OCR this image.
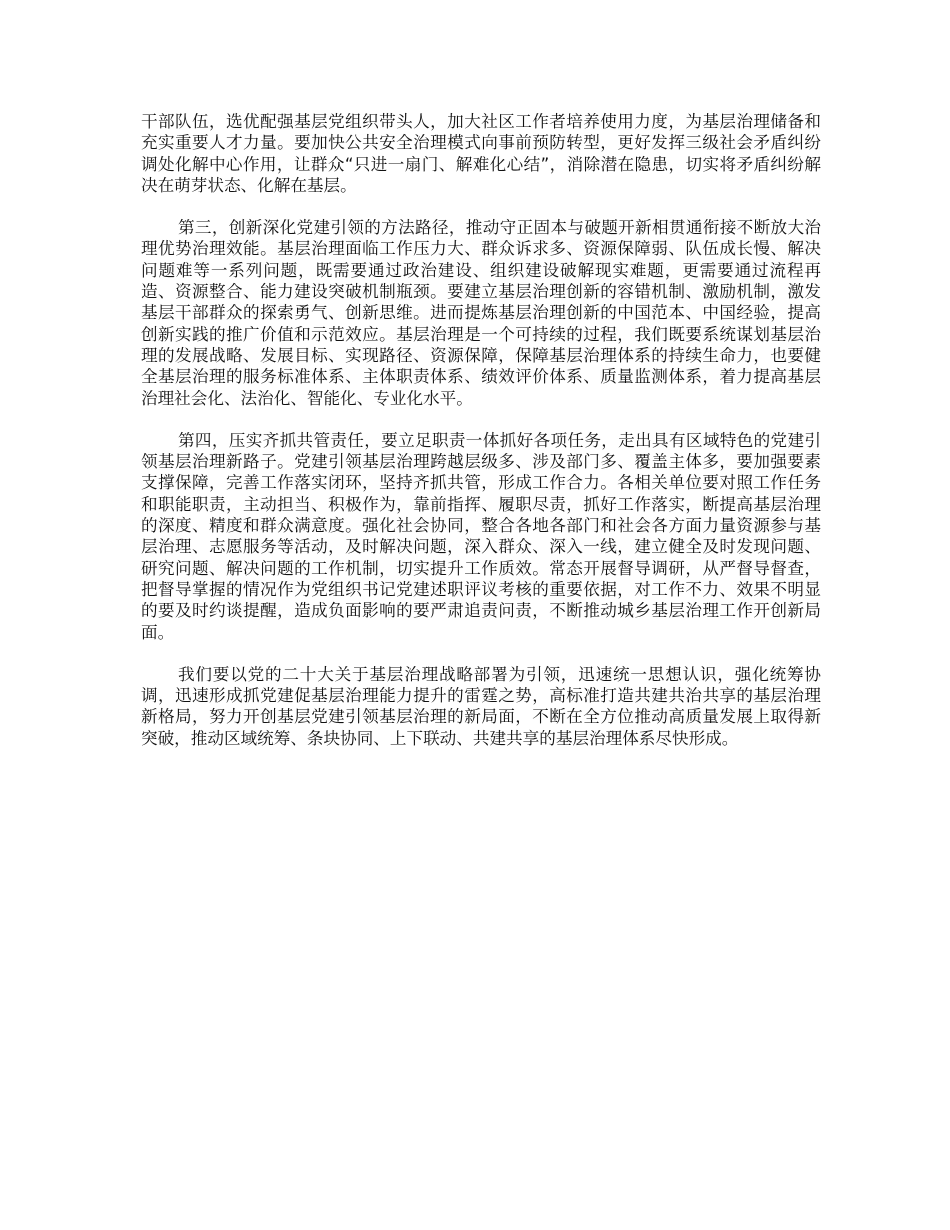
干部队伍，选优配强基层党组织带头人，加大社区工作者培养使用力度，为基层治理储备和充实重要人才力量。要加快公共安全治理模式向事前预防转型，更好发挥三级社会矛盾纠纷调处化解中心作用，让群众“只进一扇门、解难化心结”，消除潜在隐患，切实将矛盾纠纷解决在萌芽状态、化解在基层。

第三，创新深化党建引领的方法路径，推动守正固本与破题开新相贯通衔接不断放大治理优势治理效能。基层治理面临工作压力大、群众诉求多、资源保障弱、队伍成长慢、解决问题难等一系列问题，既需要通过政治建设、组织建设破解现实难题，更需要通过流程再造、资源整合、能力建设突破机制瓶颈。要建立基层治理创新的容错机制、激励机制，激发基层干部群众的探索勇气、创新思维。进而提炼基层治理创新的中国范本、中国经验，提高创新实践的推广价值和示范效应。基层治理是一个可持续的过程，我们既要系统谋划基层治理的发展战略、发展目标、实现路径、资源保障，保障基层治理体系的持续生命力，也要健全基层治理的服务标准体系、主体职责体系、绩效评价体系、质量监测体系，着力提高基层治理社会化、法治化、智能化、专业化水平。

第四，压实齐抓共管责任，要立足职责一体抓好各项任务，走出具有区域特色的党建引领基层治理新路子。党建引领基层治理跨越层级多、涉及部门多、覆盖主体多，要加强要素支撑保障，完善工作落实闭环，坚持齐抓共管，形成工作合力。各相关单位要对照工作任务和职能职责，主动担当、积极作为，靠前指挥、履职尽责，抓好工作落实，断提高基层治理的深度、精度和群众满意度。强化社会协同，整合各地各部门和社会各方面力量资源参与基层治理、志愿服务等活动，及时解决问题，深入群众、深入一线，建立健全及时发现问题、研究问题、解决问题的工作机制，切实提升工作质效。常态开展督导调研，从严督导督查，把督导掌握的情况作为党组织书记党建述职评议考核的重要依据，对工作不力、效果不明显的要及时约谈提醒，造成负面影响的要严肃追责问责，不断推动城乡基层治理工作开创新局面。

我们要以党的二十大关于基层治理战略部署为引领，迅速统一思想认识，强化统筹协调，迅速形成抓党建促基层治理能力提升的雷霆之势，高标准打造共建共治共享的基层治理新格局，努力开创基层党建引领基层治理的新局面，不断在全方位推动高质量发展上取得新突破，推动区域统筹、条块协同、上下联动、共建共享的基层治理体系尽快形成。
